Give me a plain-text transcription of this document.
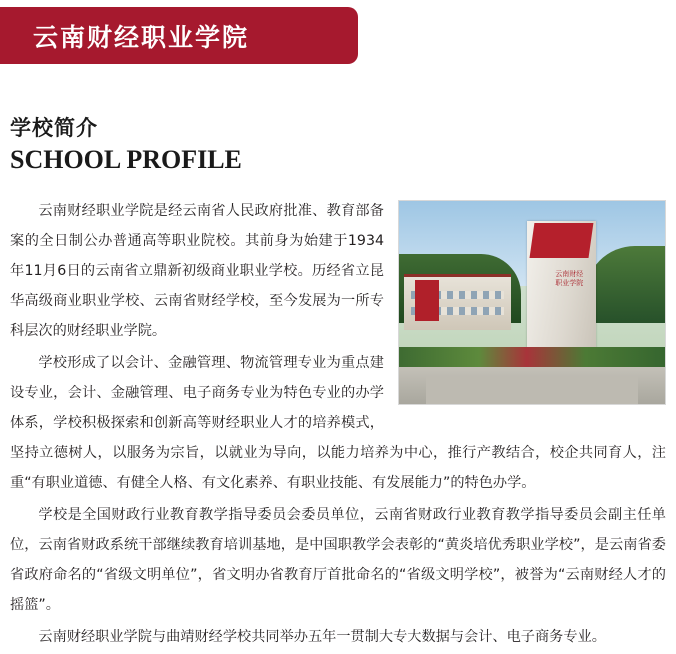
云南财经职业学院
学校简介
SCHOOL PROFILE
云南财经职业学院

云南财经职业学院是经云南省人民政府批准、教育部备案的全日制公办普通高等职业院校。其前身为始建于1934年11月6日的云南省立鼎新初级商业职业学校。历经省立昆华高级商业职业学校、云南省财经学校，至今发展为一所专科层次的财经职业学院。

学校形成了以会计、金融管理、物流管理专业为重点建设专业，会计、金融管理、电子商务专业为特色专业的办学体系，学校积极探索和创新高等财经职业人才的培养模式，坚持立德树人，以服务为宗旨，以就业为导向，以能力培养为中心，推行产教结合，校企共同育人，注重“有职业道德、有健全人格、有文化素养、有职业技能、有发展能力”的特色办学。

学校是全国财政行业教育教学指导委员会委员单位，云南省财政行业教育教学指导委员会副主任单位，云南省财政系统干部继续教育培训基地，是中国职教学会表彰的“黄炎培优秀职业学校”，是云南省委省政府命名的“省级文明单位”，省文明办省教育厅首批命名的“省级文明学校”，被誉为“云南财经人才的摇篮”。

云南财经职业学院与曲靖财经学校共同举办五年一贯制大专大数据与会计、电子商务专业。
